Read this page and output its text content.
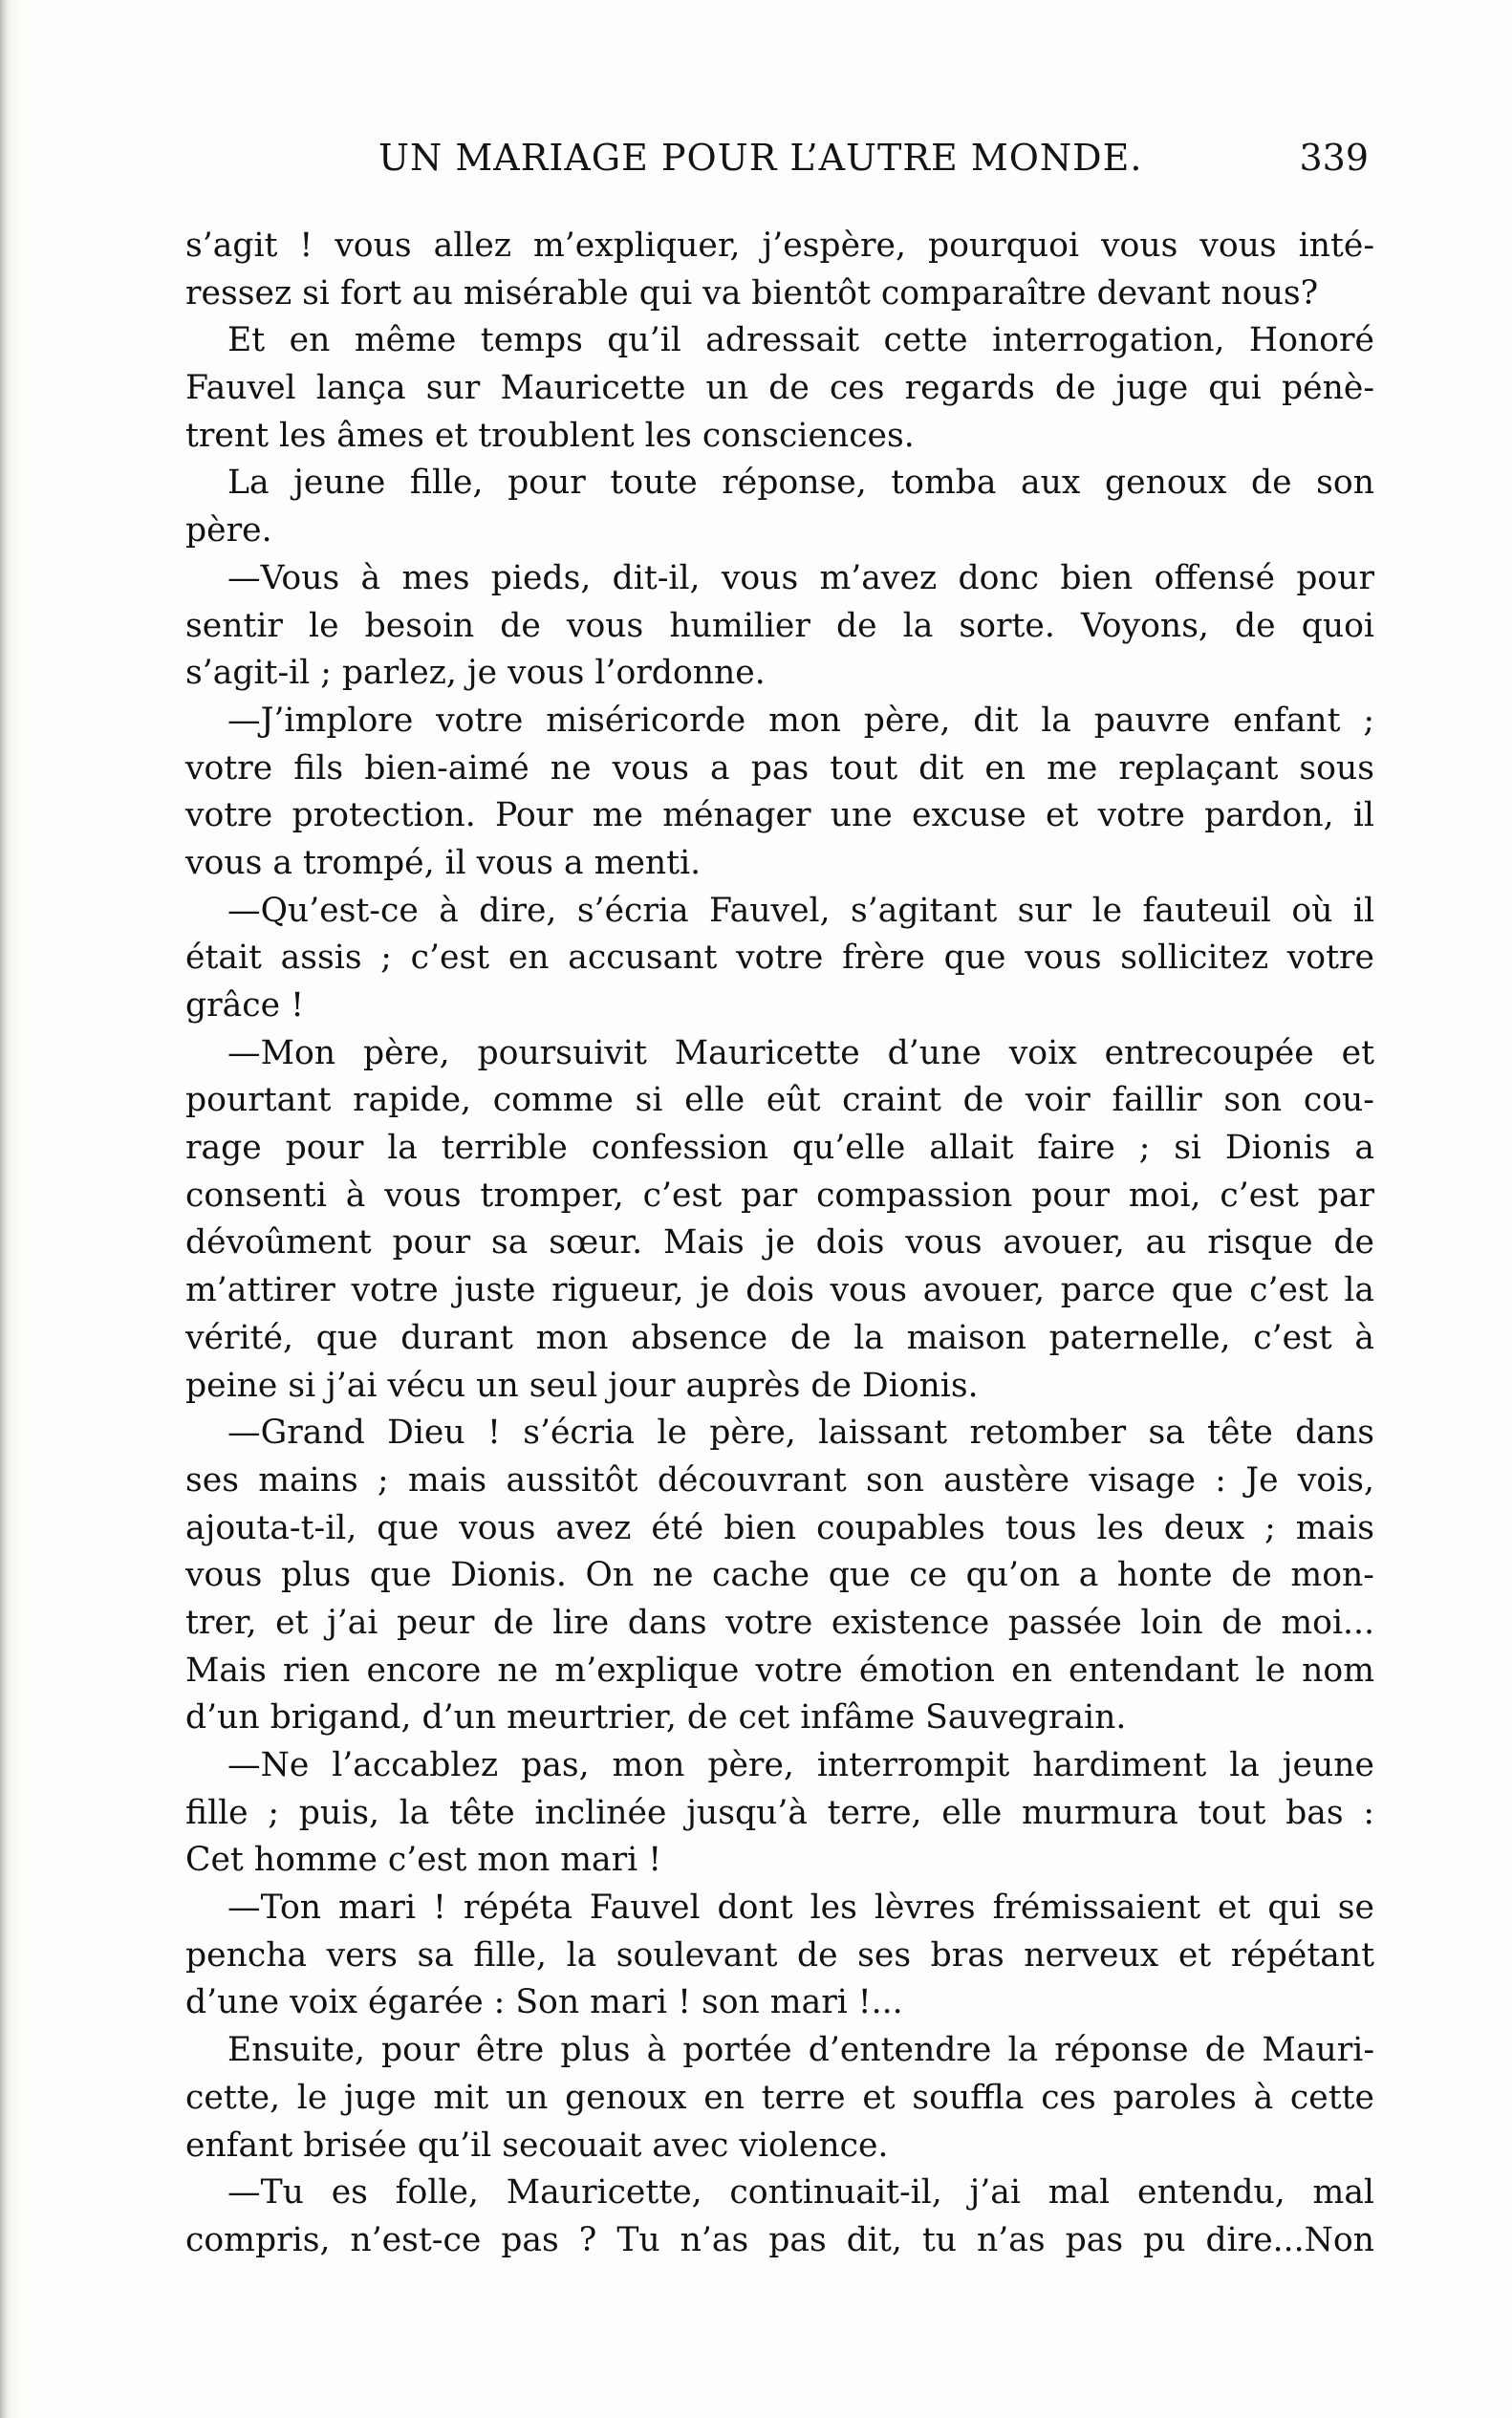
UN MARIAGE POUR L’AUTRE MONDE.	339
s’agit ! vous allez m’expliquer, j’espère, pourquoi vous vous inté-
ressez si fort au misérable qui va bientôt comparaître devant nous?
Et en même temps qu’il adressait cette interrogation, Honoré
Fauvel lança sur Mauricette un de ces regards de juge qui pénè-
trent les âmes et troublent les consciences.
La jeune fille, pour toute réponse, tomba aux genoux de son
père.
—Vous à mes pieds, dit-il, vous m’avez donc bien offensé pour
sentir le besoin de vous humilier de la sorte. Voyons, de quoi
s’agit-il ; parlez, je vous l’ordonne.
—J’implore votre miséricorde mon père, dit la pauvre enfant ;
votre fils bien-aimé ne vous a pas tout dit en me replaçant sous
votre protection. Pour me ménager une excuse et votre pardon, il
vous a trompé, il vous a menti.
—Qu’est-ce à dire, s’écria Fauvel, s’agitant sur le fauteuil où il
était assis ; c’est en accusant votre frère que vous sollicitez votre
grâce !
—Mon père, poursuivit Mauricette d’une voix entrecoupée et
pourtant rapide, comme si elle eût craint de voir faillir son cou-
rage pour la terrible confession qu’elle allait faire ; si Dionis a
consenti à vous tromper, c’est par compassion pour moi, c’est par
dévoûment pour sa sœur. Mais je dois vous avouer, au risque de
m’attirer votre juste rigueur, je dois vous avouer, parce que c’est la
vérité, que durant mon absence de la maison paternelle, c’est à
peine si j’ai vécu un seul jour auprès de Dionis.
—Grand Dieu ! s’écria le père, laissant retomber sa tête dans
ses mains ; mais aussitôt découvrant son austère visage : Je vois,
ajouta-t-il, que vous avez été bien coupables tous les deux ; mais
vous plus que Dionis. On ne cache que ce qu’on a honte de mon-
trer, et j’ai peur de lire dans votre existence passée loin de moi...
Mais rien encore ne m’explique votre émotion en entendant le nom
d’un brigand, d’un meurtrier, de cet infâme Sauvegrain.
—Ne l’accablez pas, mon père, interrompit hardiment la jeune
fille ; puis, la tête inclinée jusqu’à terre, elle murmura tout bas :
Cet homme c’est mon mari !
—Ton mari ! répéta Fauvel dont les lèvres frémissaient et qui se
pencha vers sa fille, la soulevant de ses bras nerveux et répétant
d’une voix égarée : Son mari ! son mari !...
Ensuite, pour être plus à portée d’entendre la réponse de Mauri-
cette, le juge mit un genoux en terre et souffla ces paroles à cette
enfant brisée qu’il secouait avec violence.
—Tu es folle, Mauricette, continuait-il, j’ai mal entendu, mal
compris, n’est-ce pas ? Tu n’as pas dit, tu n’as pas pu dire...Non
